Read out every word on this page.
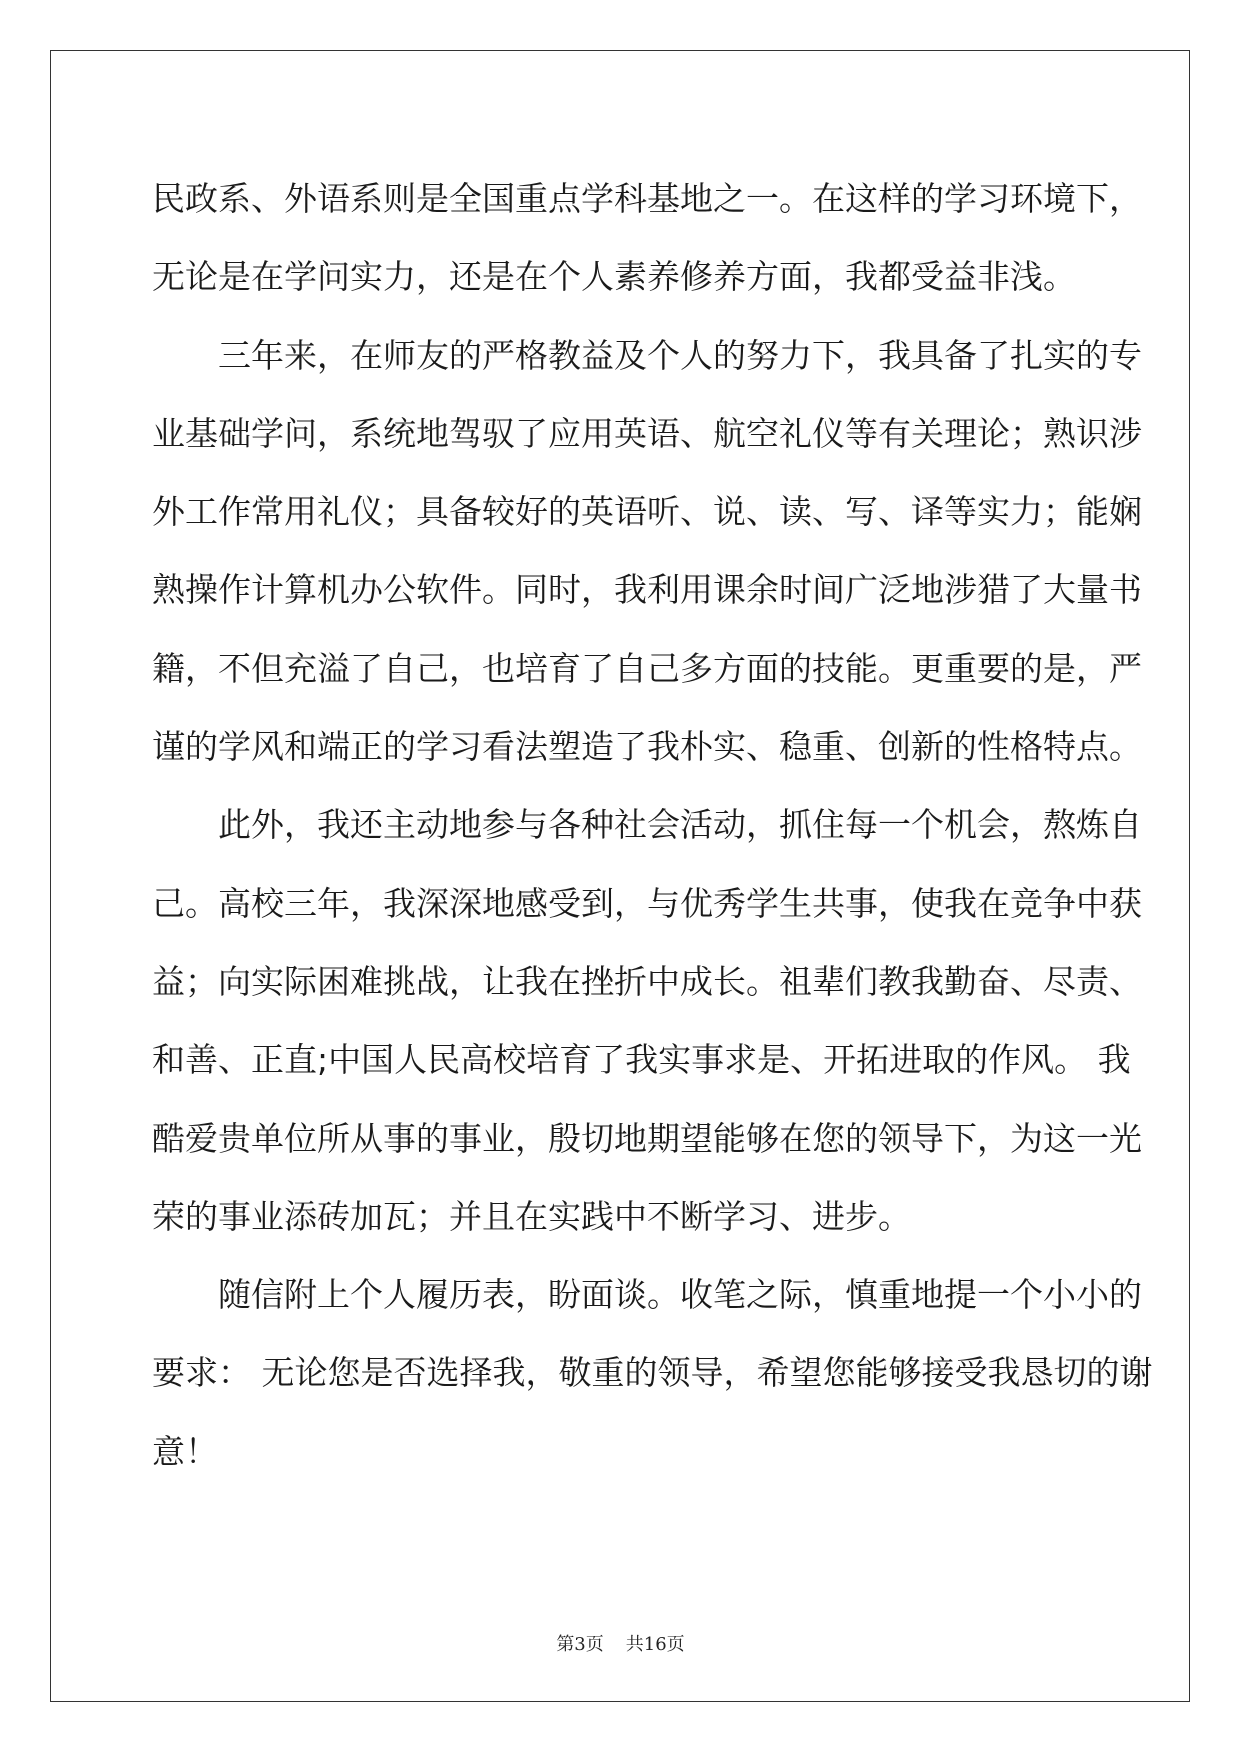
民政系、外语系则是全国重点学科基地之一。在这样的学习环境下，
无论是在学问实力，还是在个人素养修养方面，我都受益非浅。
三年来，在师友的严格教益及个人的努力下，我具备了扎实的专
业基础学问，系统地驾驭了应用英语、航空礼仪等有关理论；熟识涉
外工作常用礼仪；具备较好的英语听、说、读、写、译等实力；能娴
熟操作计算机办公软件。同时，我利用课余时间广泛地涉猎了大量书
籍，不但充溢了自己，也培育了自己多方面的技能。更重要的是，严
谨的学风和端正的学习看法塑造了我朴实、稳重、创新的性格特点。
此外，我还主动地参与各种社会活动，抓住每一个机会，熬炼自
己。高校三年，我深深地感受到，与优秀学生共事，使我在竞争中获
益；向实际困难挑战，让我在挫折中成长。祖辈们教我勤奋、尽责、
和善、正直;中国人民高校培育了我实事求是、开拓进取的作风。 我
酷爱贵单位所从事的事业，殷切地期望能够在您的领导下，为这一光
荣的事业添砖加瓦；并且在实践中不断学习、进步。
随信附上个人履历表，盼面谈。收笔之际，慎重地提一个小小的
要求： 无论您是否选择我，敬重的领导，希望您能够接受我恳切的谢
意！
第3页 共16页
